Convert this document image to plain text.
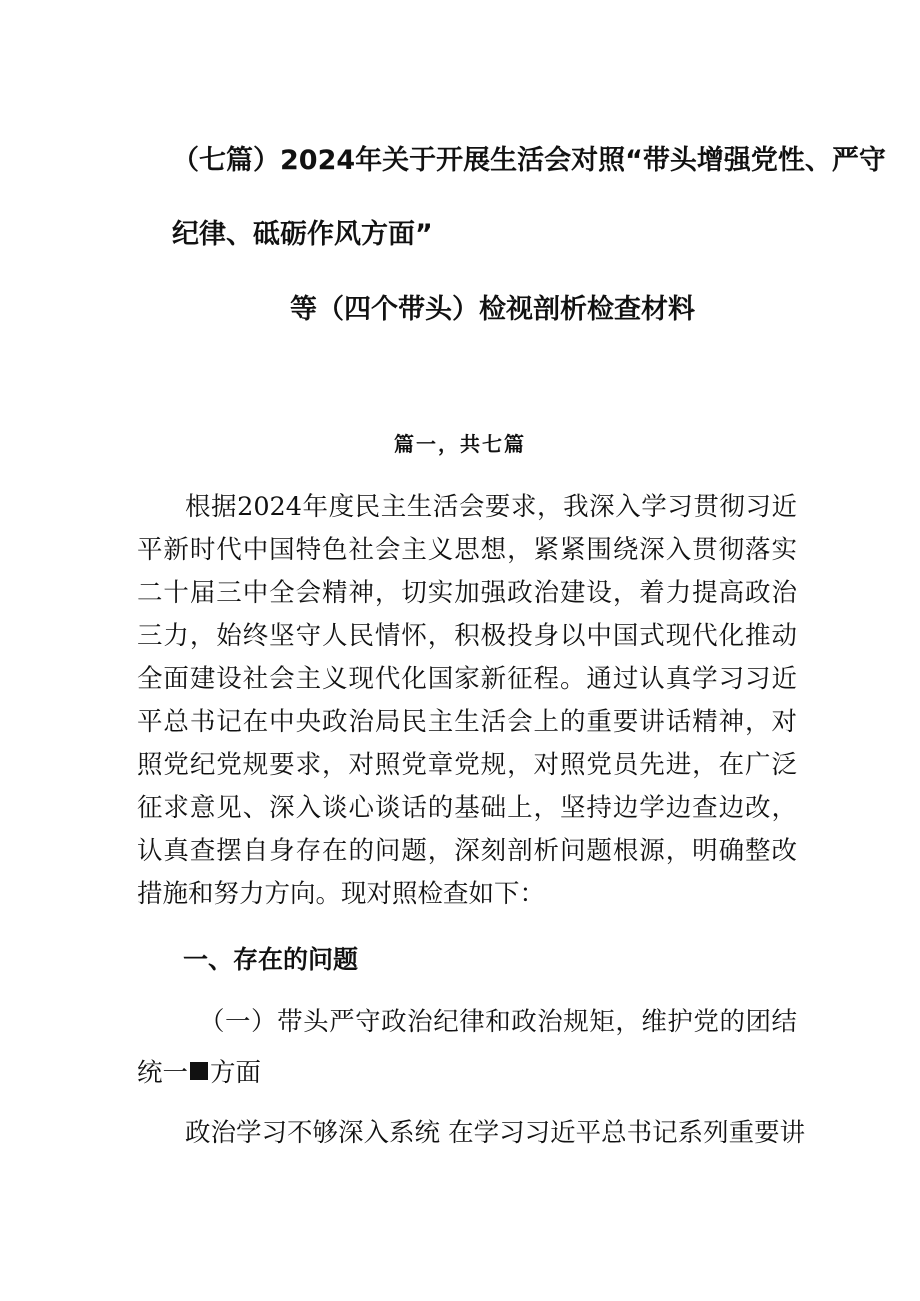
（七篇）2024年关于开展生活会对照“带头增强党性、严守
纪律、砥砺作风方面”
等（四个带头）检视剖析检查材料
篇一，共七篇

根据2024年度民主生活会要求，我深入学习贯彻习近平新时代中国特色社会主义思想，紧紧围绕深入贯彻落实二十届三中全会精神，切实加强政治建设，着力提高政治三力，始终坚守人民情怀，积极投身以中国式现代化推动全面建设社会主义现代化国家新征程。通过认真学习习近平总书记在中央政治局民主生活会上的重要讲话精神，对照党纪党规要求，对照党章党规，对照党员先进，在广泛征求意见、深入谈心谈话的基础上，坚持边学边查边改，认真查摆自身存在的问题，深刻剖析问题根源，明确整改措施和努力方向。现对照检查如下：

一、存在的问题

（一）带头严守政治纪律和政治规矩，维护党的团结统一 方面

政治学习不够深入系统 在学习习近平总书记系列重要讲
